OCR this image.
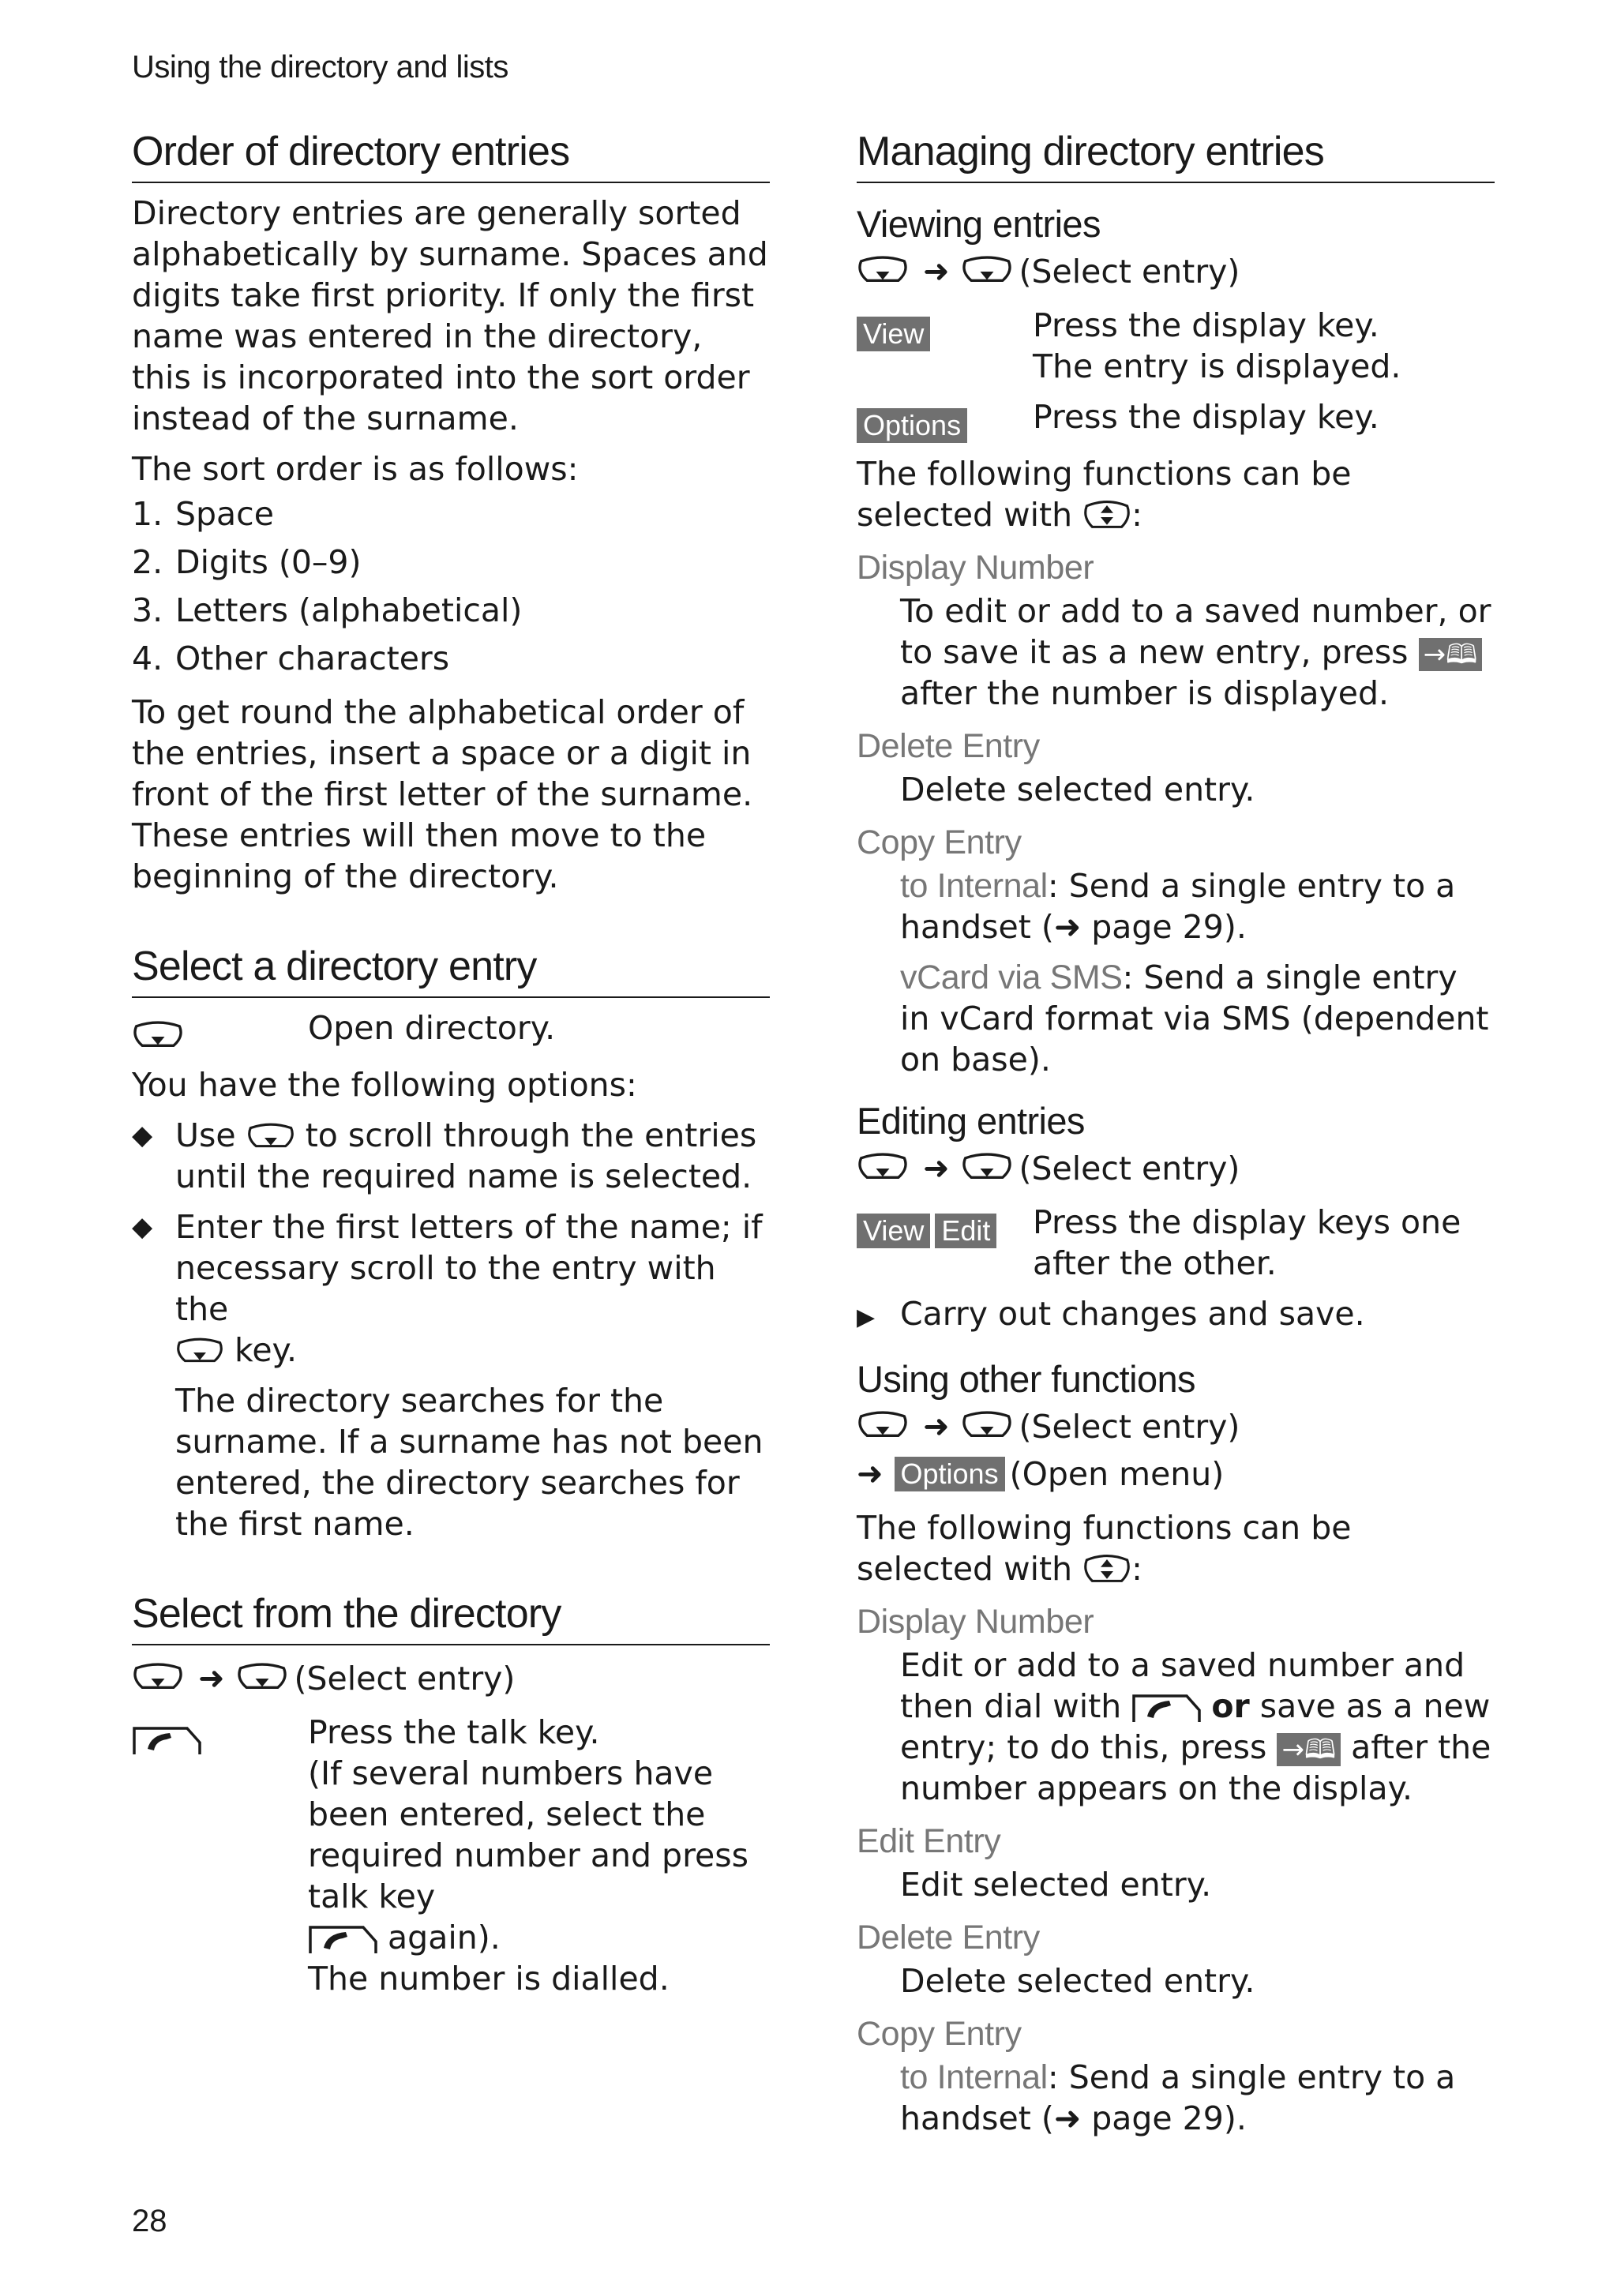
Using the directory and lists
Order of directory entries

Directory entries are generally sorted alphabetically by surname. Spaces and digits take first priority. If only the first name was entered in the directory, this is incorporated into the sort order instead of the surname.

The sort order is as follows:

1. Space
2. Digits (0–9)
3. Letters (alphabetical)
4. Other characters

To get round the alphabetical order of the entries, insert a space or a digit in front of the first letter of the surname. These entries will then move to the beginning of the directory.

Select a directory entry
Open directory.

You have the following options:

◆ Use to scroll through the entries until the required name is selected.
◆ Enter the first letters of the name; if necessary scroll to the entry with the

key.

The directory searches for the surname. If a surname has not been entered, the directory searches for the first name.

Select from the directory
➜ (Select entry)
Press the talk key.
(If several numbers have been entered, select the required number and press talk key
again).
The number is dialled.
Managing directory entries
Viewing entries
➜ (Select entry)
View	Press the display key.
The entry is displayed.
Options	Press the display key.

The following functions can be selected with :

Display Number

To edit or add to a saved number, or to save it as a new entry, press →🕮 after the number is displayed.

Delete Entry

Delete selected entry.

Copy Entry

to Internal: Send a single entry to a handset (➜ page 29).

vCard via SMS: Send a single entry in vCard format via SMS (dependent on base).

Editing entries
➜ (Select entry)
View Edit	Press the display keys one after the other.

▶ Carry out changes and save.

Using other functions
➜ (Select entry)
➜ Options (Open menu)

The following functions can be selected with :

Display Number

Edit or add to a saved number and then dial with	or save as a new entry; to do this, press →🕮 after the number appears on the display.

Edit Entry

Edit selected entry.

Delete Entry

Delete selected entry.

Copy Entry

to Internal: Send a single entry to a handset (➜ page 29).

28
